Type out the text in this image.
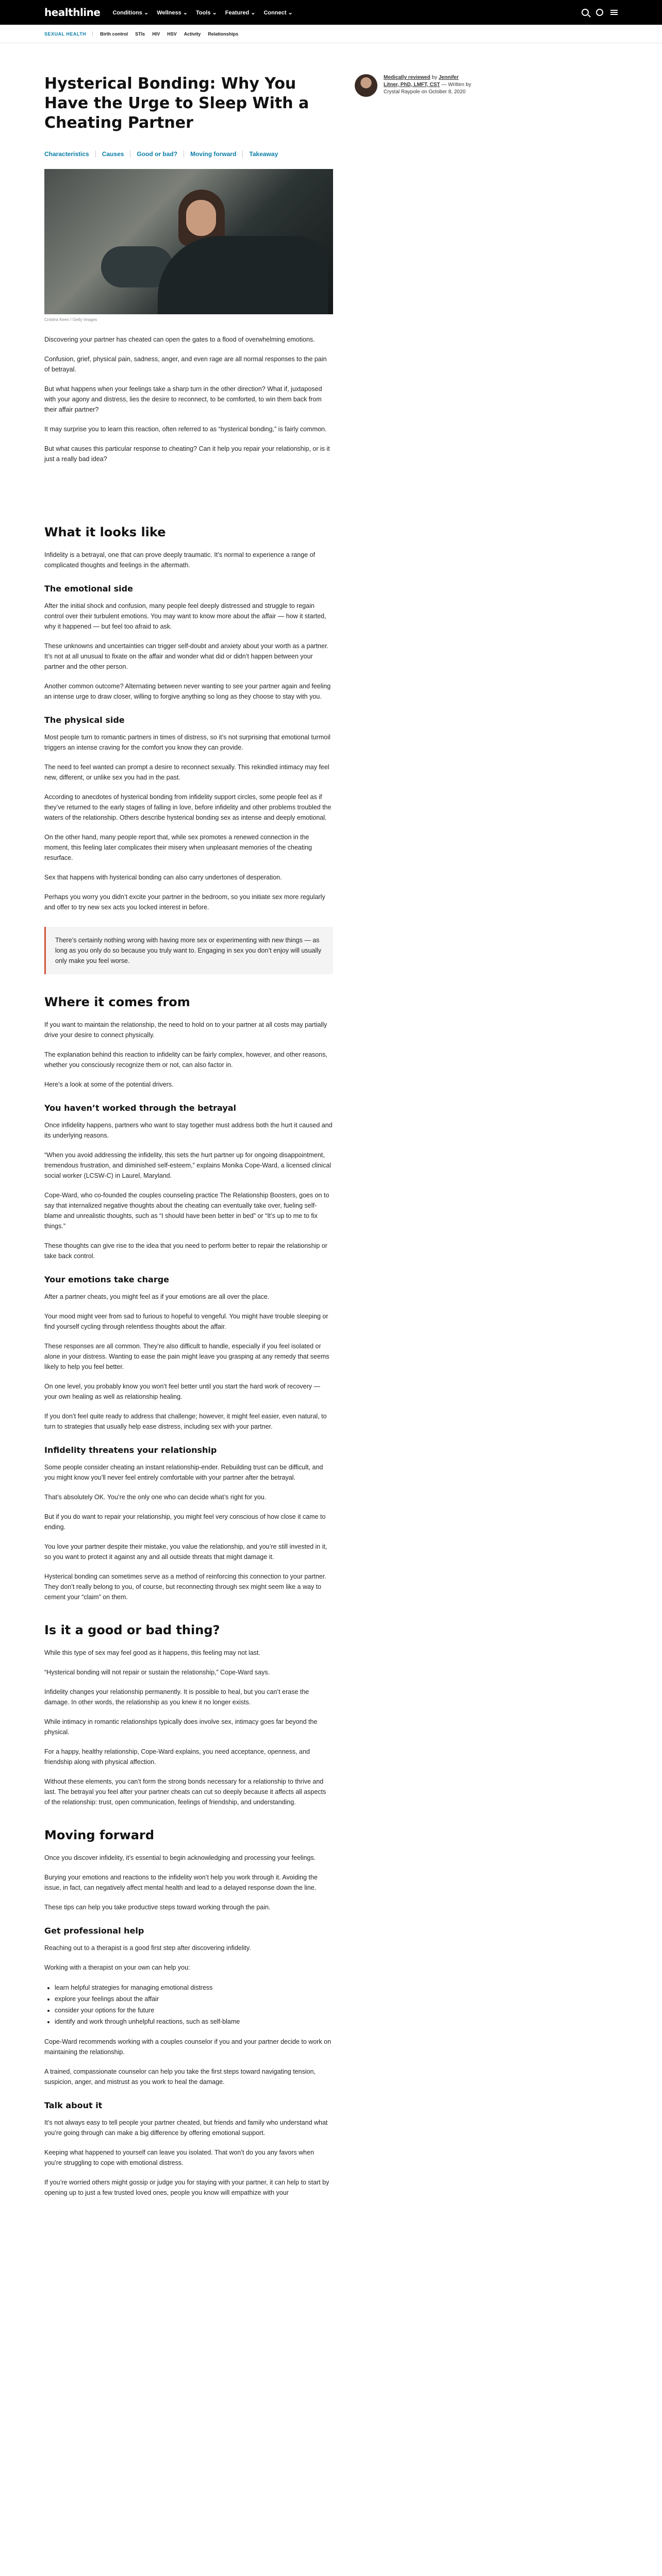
healthline Conditions ⌄ Wellness ⌄ Tools ⌄ Featured ⌄ Connect ⌄
SEXUAL HEALTH	Birth control STIs HIV HSV Activity Relationships
Hysterical Bonding: Why You Have the Urge to Sleep With a Cheating Partner
Characteristics	Causes	Good or bad?	Moving forward	Takeaway
Cristina Keen / Getty Images

Discovering your partner has cheated can open the gates to a flood of overwhelming emotions.

Confusion, grief, physical pain, sadness, anger, and even rage are all normal responses to the pain of betrayal.

But what happens when your feelings take a sharp turn in the other direction? What if, juxtaposed with your agony and distress, lies the desire to reconnect, to be comforted, to win them back from their affair partner?

It may surprise you to learn this reaction, often referred to as “hysterical bonding,” is fairly common.

But what causes this particular response to cheating? Can it help you repair your relationship, or is it just a really bad idea?

What it looks like

Infidelity is a betrayal, one that can prove deeply traumatic. It’s normal to experience a range of complicated thoughts and feelings in the aftermath.

The emotional side

After the initial shock and confusion, many people feel deeply distressed and struggle to regain control over their turbulent emotions. You may want to know more about the affair — how it started, why it happened — but feel too afraid to ask.

These unknowns and uncertainties can trigger self-doubt and anxiety about your worth as a partner. It’s not at all unusual to fixate on the affair and wonder what did or didn’t happen between your partner and the other person.

Another common outcome? Alternating between never wanting to see your partner again and feeling an intense urge to draw closer, willing to forgive anything so long as they choose to stay with you.

The physical side

Most people turn to romantic partners in times of distress, so it’s not surprising that emotional turmoil triggers an intense craving for the comfort you know they can provide.

The need to feel wanted can prompt a desire to reconnect sexually. This rekindled intimacy may feel new, different, or unlike sex you had in the past.

According to anecdotes of hysterical bonding from infidelity support circles, some people feel as if they’ve returned to the early stages of falling in love, before infidelity and other problems troubled the waters of the relationship. Others describe hysterical bonding sex as intense and deeply emotional.

On the other hand, many people report that, while sex promotes a renewed connection in the moment, this feeling later complicates their misery when unpleasant memories of the cheating resurface.

Sex that happens with hysterical bonding can also carry undertones of desperation.

Perhaps you worry you didn’t excite your partner in the bedroom, so you initiate sex more regularly and offer to try new sex acts you locked interest in before.

There’s certainly nothing wrong with having more sex or experimenting with new things — as long as you only do so because you truly want to. Engaging in sex you don’t enjoy will usually only make you feel worse.

Where it comes from

If you want to maintain the relationship, the need to hold on to your partner at all costs may partially drive your desire to connect physically.

The explanation behind this reaction to infidelity can be fairly complex, however, and other reasons, whether you consciously recognize them or not, can also factor in.

Here’s a look at some of the potential drivers.

You haven’t worked through the betrayal

Once infidelity happens, partners who want to stay together must address both the hurt it caused and its underlying reasons.

“When you avoid addressing the infidelity, this sets the hurt partner up for ongoing disappointment, tremendous frustration, and diminished self-esteem,” explains Monika Cope-Ward, a licensed clinical social worker (LCSW-C) in Laurel, Maryland.

Cope-Ward, who co-founded the couples counseling practice The Relationship Boosters, goes on to say that internalized negative thoughts about the cheating can eventually take over, fueling self-blame and unrealistic thoughts, such as “I should have been better in bed” or “It’s up to me to fix things.”

These thoughts can give rise to the idea that you need to perform better to repair the relationship or take back control.

Your emotions take charge

After a partner cheats, you might feel as if your emotions are all over the place.

Your mood might veer from sad to furious to hopeful to vengeful. You might have trouble sleeping or find yourself cycling through relentless thoughts about the affair.

These responses are all common. They’re also difficult to handle, especially if you feel isolated or alone in your distress. Wanting to ease the pain might leave you grasping at any remedy that seems likely to help you feel better.

On one level, you probably know you won’t feel better until you start the hard work of recovery — your own healing as well as relationship healing.

If you don’t feel quite ready to address that challenge; however, it might feel easier, even natural, to turn to strategies that usually help ease distress, including sex with your partner.

Infidelity threatens your relationship

Some people consider cheating an instant relationship-ender. Rebuilding trust can be difficult, and you might know you’ll never feel entirely comfortable with your partner after the betrayal.

That’s absolutely OK. You’re the only one who can decide what’s right for you.

But if you do want to repair your relationship, you might feel very conscious of how close it came to ending.

You love your partner despite their mistake, you value the relationship, and you’re still invested in it, so you want to protect it against any and all outside threats that might damage it.

Hysterical bonding can sometimes serve as a method of reinforcing this connection to your partner. They don’t really belong to you, of course, but reconnecting through sex might seem like a way to cement your “claim” on them.

Is it a good or bad thing?

While this type of sex may feel good as it happens, this feeling may not last.

“Hysterical bonding will not repair or sustain the relationship,” Cope-Ward says.

Infidelity changes your relationship permanently. It is possible to heal, but you can’t erase the damage. In other words, the relationship as you knew it no longer exists.

While intimacy in romantic relationships typically does involve sex, intimacy goes far beyond the physical.

For a happy, healthy relationship, Cope-Ward explains, you need acceptance, openness, and friendship along with physical affection.

Without these elements, you can’t form the strong bonds necessary for a relationship to thrive and last. The betrayal you feel after your partner cheats can cut so deeply because it affects all aspects of the relationship: trust, open communication, feelings of friendship, and understanding.

Moving forward

Once you discover infidelity, it’s essential to begin acknowledging and processing your feelings.

Burying your emotions and reactions to the infidelity won’t help you work through it. Avoiding the issue, in fact, can negatively affect mental health and lead to a delayed response down the line.

These tips can help you take productive steps toward working through the pain.

Get professional help

Reaching out to a therapist is a good first step after discovering infidelity.

Working with a therapist on your own can help you:

• learn helpful strategies for managing emotional distress
• explore your feelings about the affair
• consider your options for the future
• identify and work through unhelpful reactions, such as self-blame

Cope-Ward recommends working with a couples counselor if you and your partner decide to work on maintaining the relationship.

A trained, compassionate counselor can help you take the first steps toward navigating tension, suspicion, anger, and mistrust as you work to heal the damage.

Talk about it

It’s not always easy to tell people your partner cheated, but friends and family who understand what you’re going through can make a big difference by offering emotional support.

Keeping what happened to yourself can leave you isolated. That won’t do you any favors when you’re struggling to cope with emotional distress.

If you’re worried others might gossip or judge you for staying with your partner, it can help to start by opening up to just a few trusted loved ones, people you know will empathize with your

Medically reviewed by Jennifer Litner, PhD, LMFT, CST — Written by Crystal Raypole on October 8, 2020
